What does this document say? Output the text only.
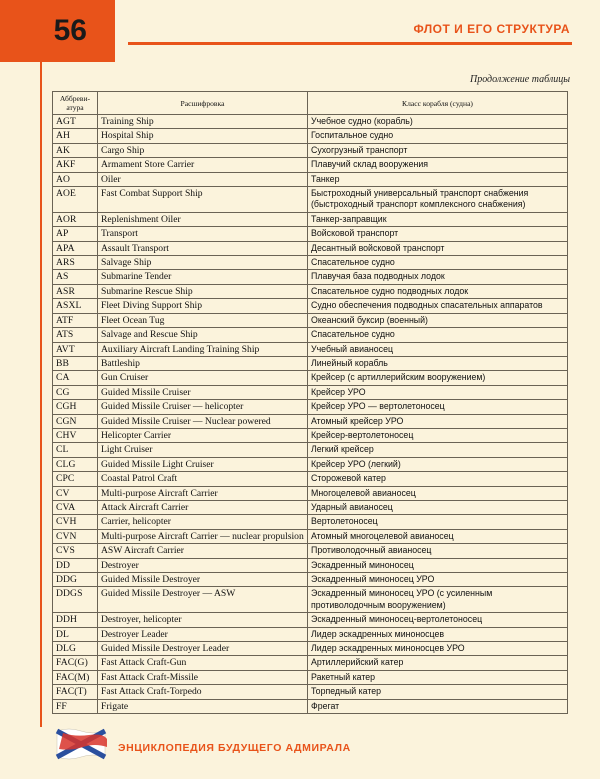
56	ФЛОТ И ЕГО СТРУКТУРА
Продолжение таблицы
Аббреви-атура	Расшифровка	Класс корабля (судна)
AGT	Training Ship	Учебное судно (корабль)
AH	Hospital Ship	Госпитальное судно
AK	Cargo Ship	Сухогрузный транспорт
AKF	Armament Store Carrier	Плавучий склад вооружения
AO	Oiler	Танкер
AOE	Fast Combat Support Ship	Быстроходный универсальный транспорт снабжения (быстроходный транспорт комплексного снабжения)
AOR	Replenishment Oiler	Танкер-заправщик
AP	Transport	Войсковой транспорт
APA	Assault Transport	Десантный войсковой транспорт
ARS	Salvage Ship	Спасательное судно
AS	Submarine Tender	Плавучая база подводных лодок
ASR	Submarine Rescue Ship	Спасательное судно подводных лодок
ASXL	Fleet Diving Support Ship	Судно обеспечения подводных спасательных аппаратов
ATF	Fleet Ocean Tug	Океанский буксир (военный)
ATS	Salvage and Rescue Ship	Спасательное судно
AVT	Auxiliary Aircraft Landing Training Ship	Учебный авианосец
BB	Battleship	Линейный корабль
CA	Gun Cruiser	Крейсер (с артиллерийским вооружением)
CG	Guided Missile Cruiser	Крейсер УРО
CGH	Guided Missile Cruiser — helicopter	Крейсер УРО — вертолетоносец
CGN	Guided Missile Cruiser — Nuclear powered	Атомный крейсер УРО
CHV	Helicopter Carrier	Крейсер-вертолетоносец
CL	Light Cruiser	Легкий крейсер
CLG	Guided Missile Light Cruiser	Крейсер УРО (легкий)
CPC	Coastal Patrol Craft	Сторожевой катер
CV	Multi-purpose Aircraft Carrier	Многоцелевой авианосец
CVA	Attack Aircraft Carrier	Ударный авианосец
CVH	Carrier, helicopter	Вертолетоносец
CVN	Multi-purpose Aircraft Carrier — nuclear propulsion	Атомный многоцелевой авианосец
CVS	ASW Aircraft Carrier	Противолодочный авианосец
DD	Destroyer	Эскадренный миноносец
DDG	Guided Missile Destroyer	Эскадренный миноносец УРО
DDGS	Guided Missile Destroyer — ASW	Эскадренный миноносец УРО (с усиленным противолодочным вооружением)
DDH	Destroyer, helicopter	Эскадренный миноносец-вертолетоносец
DL	Destroyer Leader	Лидер эскадренных миноносцев
DLG	Guided Missile Destroyer Leader	Лидер эскадренных миноносцев УРО
FAC(G)	Fast Attack Craft-Gun	Артиллерийский катер
FAC(M)	Fast Attack Craft-Missile	Ракетный катер
FAC(T)	Fast Attack Craft-Torpedo	Торпедный катер
FF	Frigate	Фрегат
ЭНЦИКЛОПЕДИЯ БУДУЩЕГО АДМИРАЛА
